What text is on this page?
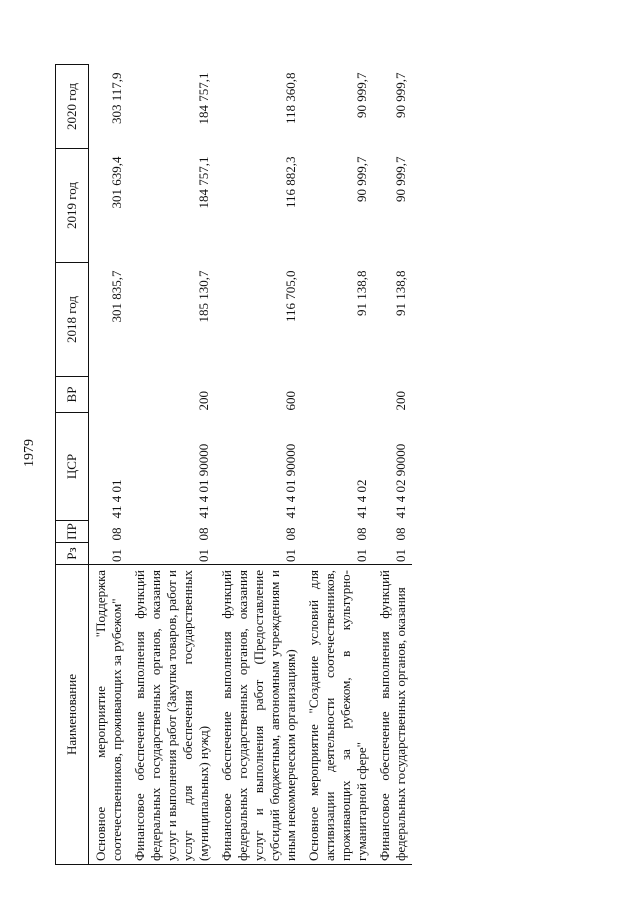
1979
Наименование	Рз	ПР	ЦСР	ВР	2018 год	2019 год	2020 год
Основное мероприятие "Поддержка соотечественников, проживающих за рубежом"	01	08	41 4 01		301 835,7	301 639,4	303 117,9
Финансовое обеспечение выполнения функций федеральных государственных органов, оказания услуг и выполнения работ (Закупка товаров, работ и услуг для обеспечения государственных (муниципальных) нужд)	01	08	41 4 01 90000	200	185 130,7	184 757,1	184 757,1
Финансовое обеспечение выполнения функций федеральных государственных органов, оказания услуг и выполнения работ (Предоставление субсидий бюджетным, автономным учреждениям и иным некоммерческим организациям)	01	08	41 4 01 90000	600	116 705,0	116 882,3	118 360,8
Основное мероприятие "Создание условий для активизации деятельности соотечественников, проживающих за рубежом, в культурно-гуманитарной сфере"	01	08	41 4 02		91 138,8	90 999,7	90 999,7
Финансовое обеспечение выполнения функций федеральных государственных органов, оказания	01	08	41 4 02 90000	200	91 138,8	90 999,7	90 999,7
